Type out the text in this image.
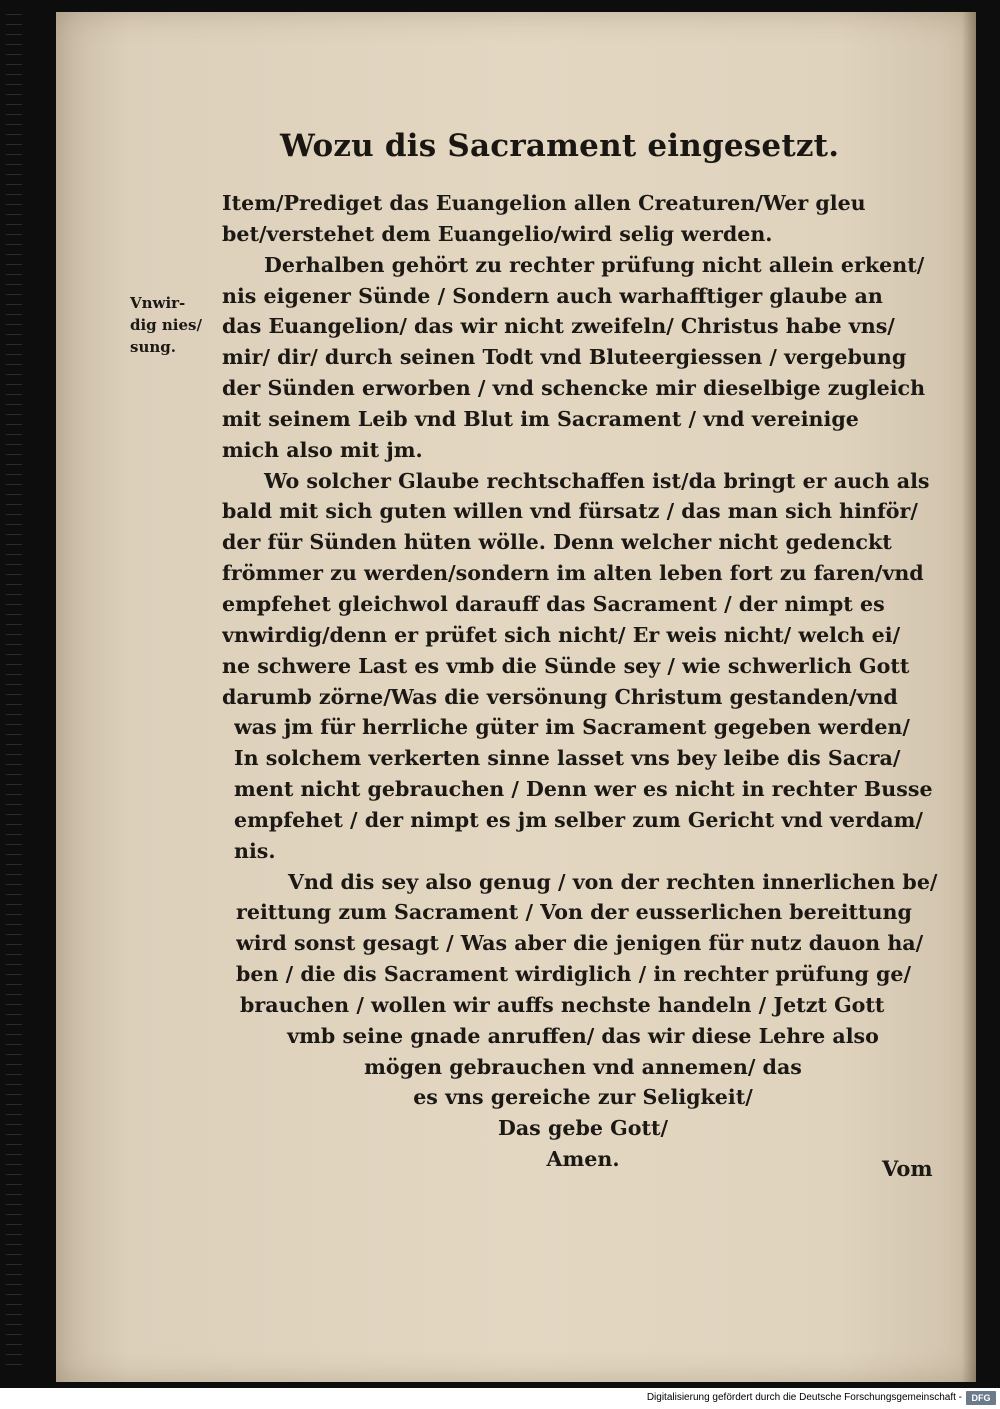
Wozu dis Sacrament eingesetzt.
Vnwir-
dig nies/
sung.
Item/Prediget das Euangelion allen Creaturen/Wer gleu
bet/verstehet dem Euangelio/wird selig werden.
Derhalben gehört zu rechter prüfung nicht allein erkent/
nis eigener Sünde / Sondern auch warhafftiger glaube an
das Euangelion/ das wir nicht zweifeln/ Christus habe vns/
mir/ dir/ durch seinen Todt vnd Bluteergiessen / vergebung
der Sünden erworben / vnd schencke mir dieselbige zugleich
mit seinem Leib vnd Blut im Sacrament / vnd vereinige
mich also mit jm.
Wo solcher Glaube rechtschaffen ist/da bringt er auch als
bald mit sich guten willen vnd fürsatz / das man sich hinför/
der für Sünden hüten wölle. Denn welcher nicht gedenckt
frömmer zu werden/sondern im alten leben fort zu faren/vnd
empfehet gleichwol darauff das Sacrament / der nimpt es
vnwirdig/denn er prüfet sich nicht/ Er weis nicht/ welch ei/
ne schwere Last es vmb die Sünde sey / wie schwerlich Gott
darumb zörne/Was die versönung Christum gestanden/vnd
was jm für herrliche güter im Sacrament gegeben werden/
In solchem verkerten sinne lasset vns bey leibe dis Sacra/
ment nicht gebrauchen / Denn wer es nicht in rechter Busse
empfehet / der nimpt es jm selber zum Gericht vnd verdam/
nis.
Vnd dis sey also genug / von der rechten innerlichen be/
reittung zum Sacrament / Von der eusserlichen bereittung
wird sonst gesagt / Was aber die jenigen für nutz dauon ha/
ben / die dis Sacrament wirdiglich / in rechter prüfung ge/
brauchen / wollen wir auffs nechste handeln / Jetzt Gott
vmb seine gnade anruffen/ das wir diese Lehre also
mögen gebrauchen vnd annemen/ das
es vns gereiche zur Seligkeit/
Das gebe Gott/
Amen.	Vom
Digitalisierung gefördert durch die Deutsche Forschungsgemeinschaft -	DFG
